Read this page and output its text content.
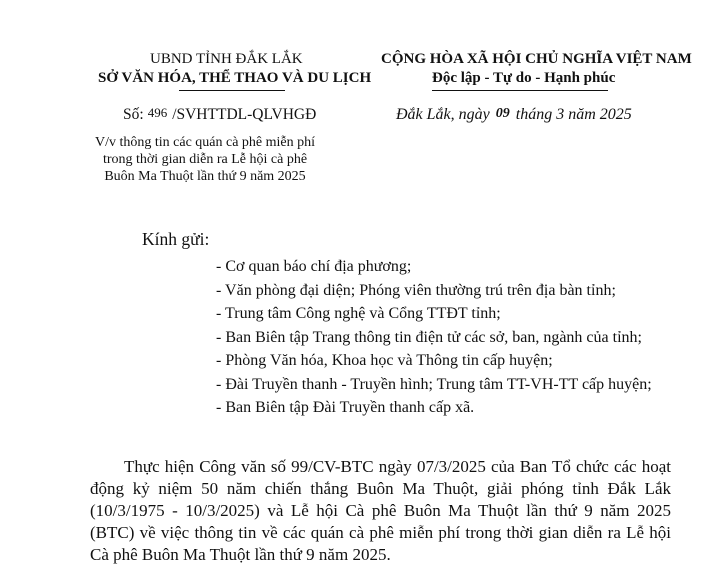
UBND TỈNH ĐẮK LẮK
SỞ VĂN HÓA, THỂ THAO VÀ DU LỊCH
CỘNG HÒA XÃ HỘI CHỦ NGHĨA VIỆT NAM
Độc lập - Tự do - Hạnh phúc
Số: 496 /SVHTTDL-QLVHGĐ	Đắk Lắk, ngày 09 tháng 3 năm 2025
V/v thông tin các quán cà phê miễn phí
trong thời gian diễn ra Lễ hội cà phê
Buôn Ma Thuột lần thứ 9 năm 2025
Kính gửi:
- Cơ quan báo chí địa phương;
- Văn phòng đại diện; Phóng viên thường trú trên địa bàn tỉnh;
- Trung tâm Công nghệ và Cổng TTĐT tỉnh;
- Ban Biên tập Trang thông tin điện tử các sở, ban, ngành của tỉnh;
- Phòng Văn hóa, Khoa học và Thông tin cấp huyện;
- Đài Truyền thanh - Truyền hình; Trung tâm TT-VH-TT cấp huyện;
- Ban Biên tập Đài Truyền thanh cấp xã.
Thực hiện Công văn số 99/CV-BTC ngày 07/3/2025 của Ban Tổ chức các hoạt động kỷ niệm 50 năm chiến thắng Buôn Ma Thuột, giải phóng tỉnh Đắk Lắk (10/3/1975 - 10/3/2025) và Lễ hội Cà phê Buôn Ma Thuột lần thứ 9 năm 2025 (BTC) về việc thông tin về các quán cà phê miễn phí trong thời gian diễn ra Lễ hội Cà phê Buôn Ma Thuột lần thứ 9 năm 2025.
